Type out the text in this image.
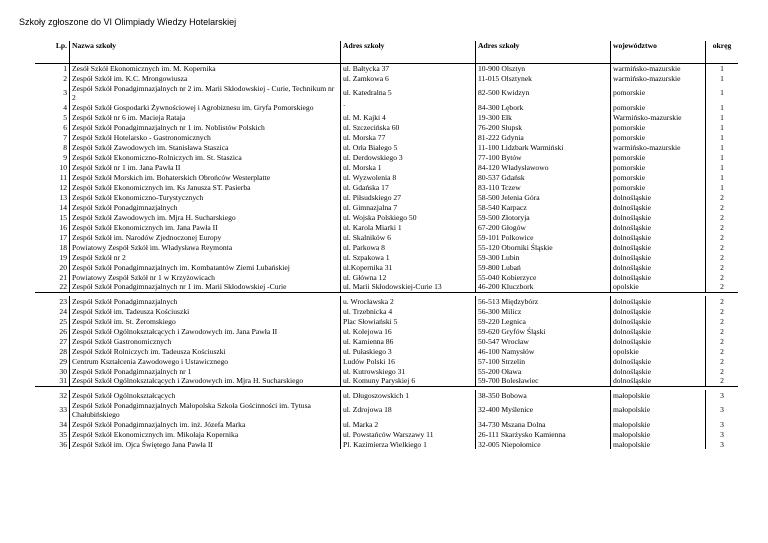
Szkoły zgłoszone do VI Olimpiady Wiedzy Hotelarskiej
Lp.	Nazwa szkoły	Adres szkoły	Adres szkoły	województwo	okręg
1	Zesół Szkół Ekonomicznych im. M. Kopernika	ul. Bałtycka 37	10-900 Olsztyn	warmińsko-mazurskie	1
2	Zespół Szkół im. K.C. Mrongowiusza	ul. Zamkowa 6	11-015 Olsztynek	warmińsko-mazurskie	1
3	Zespół Szkół Ponadgimnazjalnych nr 2 im. Marii Skłodowskiej - Curie, Technikum nr 2	ul. Katedralna 5	82-500 Kwidzyn	pomorskie	1
4	Zespół Szkół Gospodarki Żywnościowej i Agrobiznesu im. Gryfa Pomorskiego	`	84-300 Lębork	pomorskie	1
5	Zespół Szkół nr 6 im. Macieja Rataja	ul. M. Kajki 4	19-300 Ełk	Warmińsko-mazurskie	1
6	Zespół Szkół Ponadgimnazjalnych nr 1 im. Noblistów Polskich	ul. Szczecińska 60	76-200 Słupsk	pomorskie	1
7	Zespół Szkół Hotelarsko - Gastronomicznych	ul. Morska 77	81-222 Gdynia	pomorskie	1
8	Zespół Szkół Zawodowych im. Stanisława Staszica	ul. Orła Białego 5	11-100 Lidzbark Warmiński	warmińsko-mazurskie	1
9	Zespół Szkół Ekonomiczno-Rolniczych im. St. Staszica	ul. Derdowskiego 3	77-100 Bytów	pomorskie	1
10	Zespół Szkół nr 1 im. Jana Pawła II	ul. Morska 1	84-120 Władysławowo	pomorskie	1
11	Zespół Szkół Morskich im. Bohaterskich Obrońców Westerplatte	ul. Wyzwolenia 8	80-537 Gdańsk	pomorskie	1
12	Zespół Szkół Ekonomicznych im. Ks Janusza ST. Pasierba	ul. Gdańska 17	83-110 Tczew	pomorskie	1
13	Zespół Szkół Ekonomiczno-Turystycznych	ul. Piłsudskiego 27	58-500 Jelenia Góra	dolnośląskie	2
14	Zespół Szkół Ponadgimnazjalnych	ul. Gimnazjalna 7	58-540 Karpacz	dolnośląskie	2
15	Zespół Szkół Zawodowych im. Mjra H. Sucharskiego	ul. Wojska Polskiego 50	59-500 Złotoryja	dolnośląskie	2
16	Zespół Szkół Ekonomicznych im. Jana Pawła II	ul. Karola Miarki 1	67-200 Głogów	dolnośląskie	2
17	Zespół Szkół im. Narodów Zjednoczonej Europy	ul. Skalników 6	59-101 Polkowice	dolnośląskie	2
18	Powiatowy Zespół Szkół im. Władysława Reymonta	ul. Parkowa 8	55-120 Oborniki Śląskie	dolnośląskie	2
19	Zespół Szkół nr 2	ul. Szpakowa 1	59-300 Lubin	dolnośląskie	2
20	Zespół Szkół Ponadgimnazjalnych im. Kombatantów Ziemi Lubańskiej	ul.Kopernika 31	59-800 Lubań	dolnośląskie	2
21	Powiatowy Zespół Szkół nr 1 w Krzyżowicach	ul. Główna 12	55-040 Kobierzyce	dolnośląskie	2
22	Zespół Szkół Ponadgimnazjalnych nr 1 im. Marii Skłodowskiej -Curie	ul. Marii Skłodowskiej-Curie 13	46-200 Kluczbork	opolskie	2

23	Zespół Szkół Ponadgimnazjalnych	u. Wrocławska 2	56-513 Międzybórz	dolnośląskie	2
24	Zespół Szkół im. Tadeusza Kościuszki	ul. Trzebnicka 4	56-300 Milicz	dolnośląskie	2
25	Zespół Szkół im. St. Żeromskiego	Plac Słowiański 5	59-220 Legnica	dolnośląskie	2
26	Zespół Szkół Ogólnokształcących i Zawodowych im. Jana Pawła II	ul. Kolejowa 16	59-620 Gryfów Śląski	dolnośląskie	2
27	Zespół Szkół Gastronomicznych	ul. Kamienna 86	50-547 Wrocław	dolnośląskie	2
28	Zespół Szkół Rolniczych im. Tadeusza Kościuszki	ul. Pułaskiego 3	46-100 Namysłów	opolskie	2
29	Centrum Kształcenia Zawodowego i Ustawicznego	Ludów Polski 16	57-100 Strzelin	dolnośląskie	2
30	Zespół Szkół Ponadgimnazjalnych nr 1	ul. Kutrowskiego 31	55-200 Oława	dolnośląskie	2
31	Zespół Szkół Ogólnokształcących i Zawodowych im. Mjra H. Sucharskiego	ul. Komuny Paryskiej 6	59-700 Bolesławiec	dolnośląskie	2

32	Zespół Szkół Ogólnokształcących	ul. Długoszowskich 1	38-350 Bobowa	małopolskie	3
33	Zespół Szkół Ponadgimnazjalnych Małopolska Szkoła Gościnności im. Tytusa Chałubińskiego	ul. Zdrojowa 18	32-400 Myślenice	małopolskie	3
34	Zespół Szkół Ponadgimnazjalnych im. inż. Józefa Marka	ul. Marka 2	34-730 Mszana Dolna	małopolskie	3
35	Zespół Szkół Ekonomicznych im. Mikołaja Kopernika	ul. Powstańców Warszawy 11	26-111 Skarżysko Kamienna	małopolskie	3
36	Zespół Szkół im. Ojca Świętego Jana Pawła II	Pl. Kazimierza Wielkiego 1	32-005 Niepołomice	małopolskie	3
